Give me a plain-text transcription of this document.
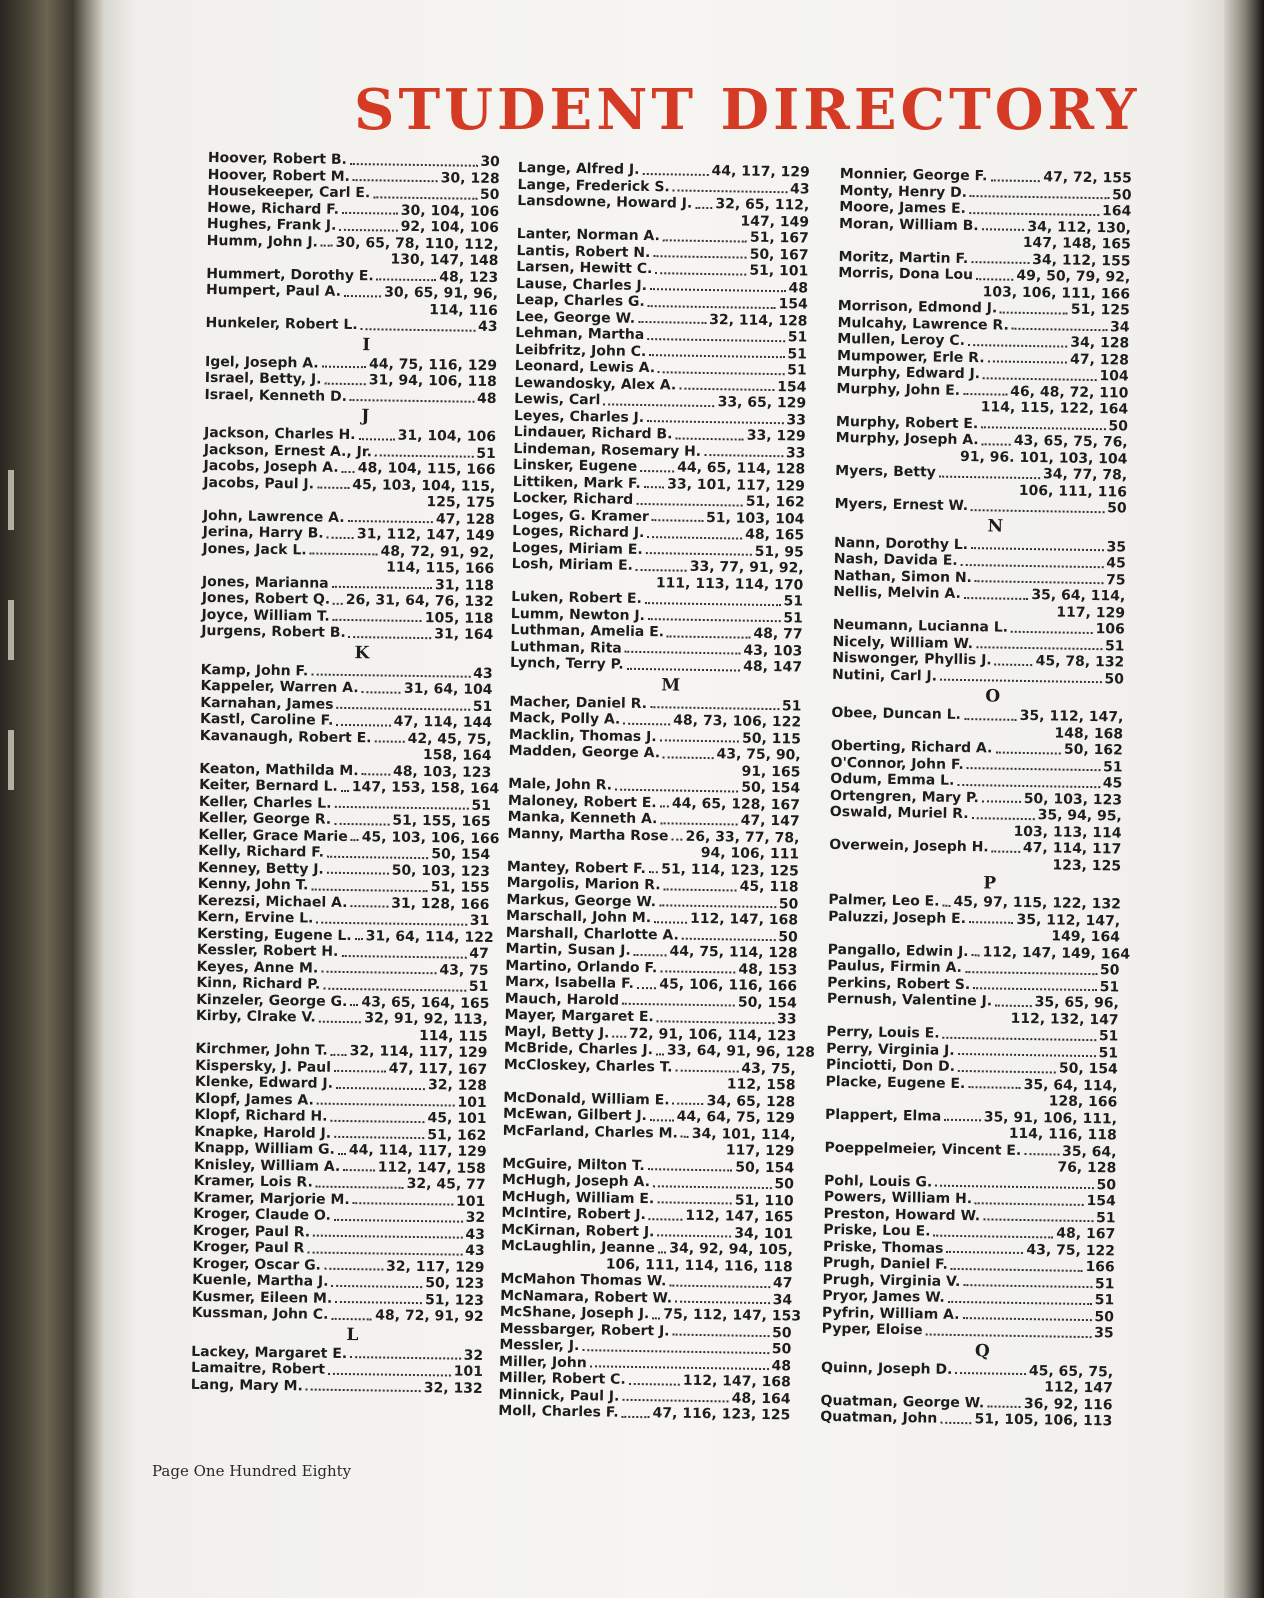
STUDENT DIRECTORY
Hoover, Robert B.	30
Hoover, Robert M.	30, 128
Housekeeper, Carl E.	50
Howe, Richard F.	30, 104, 106
Hughes, Frank J.	92, 104, 106
Humm, John J. 30, 65, 78, 110, 112,
130, 147, 148
Hummert, Dorothy E.	48, 123
Humpert, Paul A.	30, 65, 91, 96,
114, 116
Hunkeler, Robert L.	43
I
Igel, Joseph A.	44, 75, 116, 129
Israel, Betty, J.	31, 94, 106, 118
Israel, Kenneth D.	48
J
Jackson, Charles H.	31, 104, 106
Jackson, Ernest A., Jr.	51
Jacobs, Joseph A. 48, 104, 115, 166
Jacobs, Paul J.	45, 103, 104, 115,
125, 175
John, Lawrence A.	47, 128
Jerina, Harry B. 31, 112, 147, 149
Jones, Jack L.	48, 72, 91, 92,
114, 115, 166
Jones, Marianna	31, 118
Jones, Robert Q. 26, 31, 64, 76, 132
Joyce, William T.	105, 118
Jurgens, Robert B.	31, 164
K
Kamp, John F.	43
Kappeler, Warren A.	31, 64, 104
Karnahan, James	51
Kastl, Caroline F.	47, 114, 144
Kavanaugh, Robert E.	42, 45, 75,
158, 164
Keaton, Mathilda M. 48, 103, 123
Keiter, Bernard L. 147, 153, 158, 164
Keller, Charles L.	51
Keller, George R.	51, 155, 165
Keller, Grace Marie 45, 103, 106, 166
Kelly, Richard F.	50, 154
Kenney, Betty J.	50, 103, 123
Kenny, John T.	51, 155
Kerezsi, Michael A.	31, 128, 166
Kern, Ervine L.	31
Kersting, Eugene L. 31, 64, 114, 122
Kessler, Robert H.	47
Keyes, Anne M.	43, 75
Kinn, Richard P.	51
Kinzeler, George G. 43, 65, 164, 165
Kirby, Clrake V.	32, 91, 92, 113,
114, 115
Kirchmer, John T. 32, 114, 117, 129
Kispersky, J. Paul	47, 117, 167
Klenke, Edward J.	32, 128
Klopf, James A.	101
Klopf, Richard H.	45, 101
Knapke, Harold J.	51, 162
Knapp, William G. 44, 114, 117, 129
Knisley, William A.	112, 147, 158
Kramer, Lois R.	32, 45, 77
Kramer, Marjorie M.	101
Kroger, Claude O.	32
Kroger, Paul R.	43
Kroger, Paul R	43
Kroger, Oscar G.	32, 117, 129
Kuenle, Martha J.	50, 123
Kusmer, Eileen M.	51, 123
Kussman, John C.	48, 72, 91, 92
L
Lackey, Margaret E.	32
Lamaitre, Robert	101
Lang, Mary M.	32, 132
Lange, Alfred J.	44, 117, 129
Lange, Frederick S.	43
Lansdowne, Howard J. 32, 65, 112,
147, 149
Lanter, Norman A.	51, 167
Lantis, Robert N.	50, 167
Larsen, Hewitt C.	51, 101
Lause, Charles J.	48
Leap, Charles G.	154
Lee, George W.	32, 114, 128
Lehman, Martha	51
Leibfritz, John C.	51
Leonard, Lewis A.	51
Lewandosky, Alex A.	154
Lewis, Carl	33, 65, 129
Leyes, Charles J.	33
Lindauer, Richard B.	33, 129
Lindeman, Rosemary H.	33
Linsker, Eugene	44, 65, 114, 128
Littiken, Mark F. 33, 101, 117, 129
Locker, Richard	51, 162
Loges, G. Kramer	51, 103, 104
Loges, Richard J.	48, 165
Loges, Miriam E.	51, 95
Losh, Miriam E.	33, 77, 91, 92,
111, 113, 114, 170
Luken, Robert E.	51
Lumm, Newton J.	51
Luthman, Amelia E.	48, 77
Luthman, Rita	43, 103
Lynch, Terry P.	48, 147
M
Macher, Daniel R.	51
Mack, Polly A.	48, 73, 106, 122
Macklin, Thomas J.	50, 115
Madden, George A.	43, 75, 90,
91, 165
Male, John R.	50, 154
Maloney, Robert E. 44, 65, 128, 167
Manka, Kenneth A.	47, 147
Manny, Martha Rose 26, 33, 77, 78,
94, 106, 111
Mantey, Robert F. 51, 114, 123, 125
Margolis, Marion R.	45, 118
Markus, George W.	50
Marschall, John M.	112, 147, 168
Marshall, Charlotte A.	50
Martin, Susan J.	44, 75, 114, 128
Martino, Orlando F.	48, 153
Marx, Isabella F. 45, 106, 116, 166
Mauch, Harold	50, 154
Mayer, Margaret E.	33
Mayl, Betty J. 72, 91, 106, 114, 123
McBride, Charles J. 33, 64, 91, 96, 128
McCloskey, Charles T.	43, 75,
112, 158
McDonald, William E.	34, 65, 128
McEwan, Gilbert J. 44, 64, 75, 129
McFarland, Charles M. 34, 101, 114,
117, 129
McGuire, Milton T.	50, 154
McHugh, Joseph A.	50
McHugh, William E.	51, 110
McIntire, Robert J.	112, 147, 165
McKirnan, Robert J.	34, 101
McLaughlin, Jeanne 34, 92, 94, 105,
106, 111, 114, 116, 118
McMahon Thomas W.	47
McNamara, Robert W.	34
McShane, Joseph J. 75, 112, 147, 153
Messbarger, Robert J.	50
Messler, J.	50
Miller, John	48
Miller, Robert C.	112, 147, 168
Minnick, Paul J.	48, 164
Moll, Charles F. 47, 116, 123, 125
Monnier, George F.	47, 72, 155
Monty, Henry D.	50
Moore, James E.	164
Moran, William B.	34, 112, 130,
147, 148, 165
Moritz, Martin F.	34, 112, 155
Morris, Dona Lou	49, 50, 79, 92,
103, 106, 111, 166
Morrison, Edmond J.	51, 125
Mulcahy, Lawrence R.	34
Mullen, Leroy C.	34, 128
Mumpower, Erle R.	47, 128
Murphy, Edward J.	104
Murphy, John E.	46, 48, 72, 110
114, 115, 122, 164
Murphy, Robert E.	50
Murphy, Joseph A. 43, 65, 75, 76,
91, 96. 101, 103, 104
Myers, Betty	34, 77, 78,
106, 111, 116
Myers, Ernest W.	50
N
Nann, Dorothy L.	35
Nash, Davida E.	45
Nathan, Simon N.	75
Nellis, Melvin A.	35, 64, 114,
117, 129
Neumann, Lucianna L.	106
Nicely, William W.	51
Niswonger, Phyllis J.	45, 78, 132
Nutini, Carl J.	50
O
Obee, Duncan L.	35, 112, 147,
148, 168
Oberting, Richard A.	50, 162
O'Connor, John F.	51
Odum, Emma L.	45
Ortengren, Mary P.	50, 103, 123
Oswald, Muriel R.	35, 94, 95,
103, 113, 114
Overwein, Joseph H. 47, 114, 117
123, 125
P
Palmer, Leo E. 45, 97, 115, 122, 132
Paluzzi, Joseph E.	35, 112, 147,
149, 164
Pangallo, Edwin J. 112, 147, 149, 164
Paulus, Firmin A.	50
Perkins, Robert S.	51
Pernush, Valentine J.	35, 65, 96,
112, 132, 147
Perry, Louis E.	51
Perry, Virginia J.	51
Pinciotti, Don D.	50, 154
Placke, Eugene E.	35, 64, 114,
128, 166
Plappert, Elma	35, 91, 106, 111,
114, 116, 118
Poeppelmeier, Vincent E.	35, 64,
76, 128
Pohl, Louis G.	50
Powers, William H.	154
Preston, Howard W.	51
Priske, Lou E.	48, 167
Priske, Thomas	43, 75, 122
Prugh, Daniel F.	166
Prugh, Virginia V.	51
Pryor, James W.	51
Pyfrin, William A.	50
Pyper, Eloise	35
Q
Quinn, Joseph D.	45, 65, 75,
112, 147
Quatman, George W.	36, 92, 116
Quatman, John	51, 105, 106, 113
Page One Hundred Eighty
